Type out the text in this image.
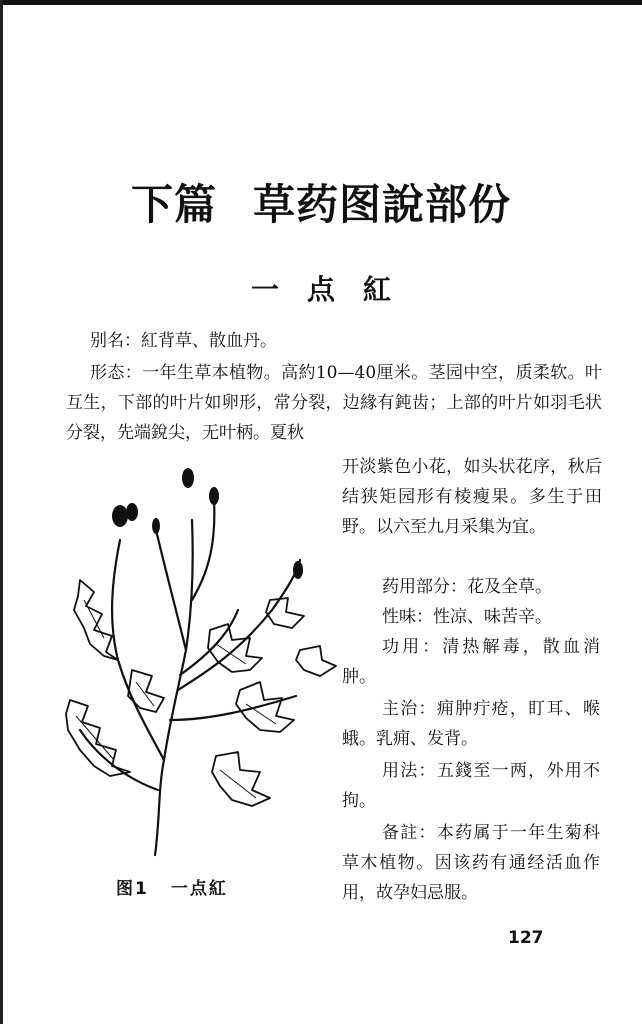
下篇 草药图說部份
一点紅

别名：紅背草、散血丹。

形态：一年生草本植物。高約10—40厘米。茎园中空，质柔软。叶互生，下部的叶片如卵形，常分裂，边緣有鈍齿；上部的叶片如羽毛状分裂，先端銳尖，无叶柄。夏秋

开淡紫色小花，如头状花序，秋后结狭矩园形有棱瘦果。多生于田野。以六至九月采集为宜。

药用部分：花及全草。

性味：性凉、味苦辛。

功用：清热解毒，散血消肿。

主治：痈肿疔疮，盯耳、喉蛾。乳痈、发背。

用法：五錢至一两，外用不拘。

备註：本药属于一年生菊科草木植物。因该药有通经活血作用，故孕妇忌服。

图1 一点紅
127
